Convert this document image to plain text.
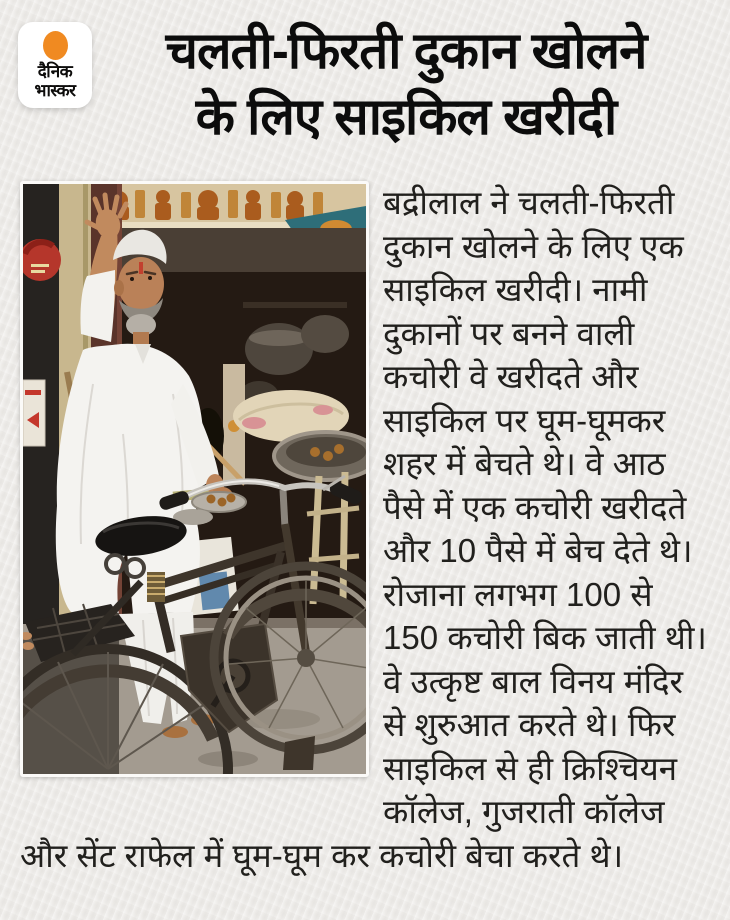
दैनिक
भास्कर
चलती-फिरती दुकान खोलने
के लिए साइकिल खरीदी

बद्रीलाल ने चलती-फिरती दुकान खोलने के लिए एक साइकिल खरीदी। नामी दुकानों पर बनने वाली कचोरी वे खरीदते और साइकिल पर घूम-घूमकर शहर में बेचते थे। वे आठ पैसे में एक कचोरी खरीदते और 10 पैसे में बेच देते थे। रोजाना लगभग 100 से 150 कचोरी बिक जाती थी। वे उत्कृष्ट बाल विनय मंदिर से शुरुआत करते थे। फिर साइकिल से ही क्रिश्चियन कॉलेज, गुजराती कॉलेज और सेंट राफेल में घूम-घूम कर कचोरी बेचा करते थे।
